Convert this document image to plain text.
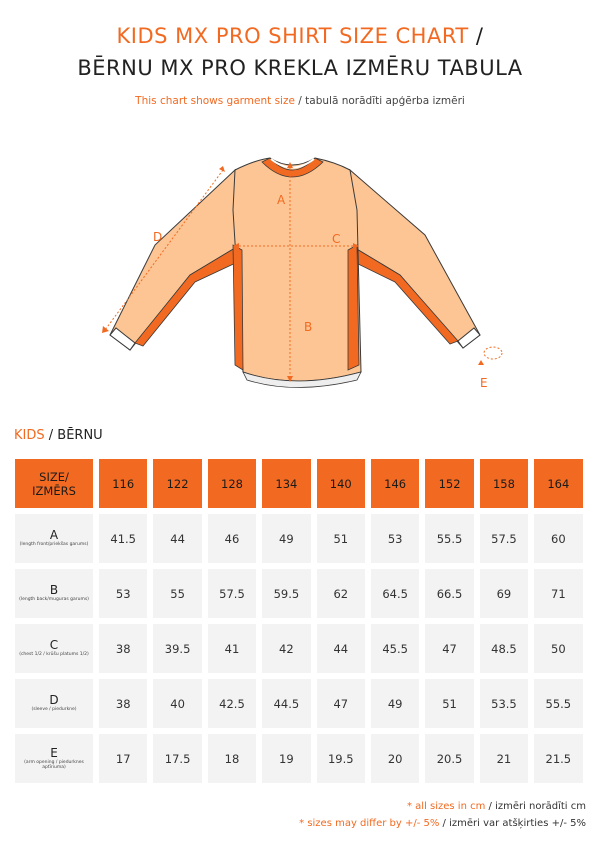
KIDS MX PRO SHIRT SIZE CHART /
BĒRNU MX PRO KREKLA IZMĒRU TABULA
This chart shows garment size / tabulā norādīti apģērba izmēri
A
B
C
D
E
KIDS / BĒRNU
SIZE/
IZMĒRS	116	122	128	134	140	146	152	158	164
A
(length front/priekšas garums)	41.5	44	46	49	51	53	55.5	57.5	60
B
(length back/muguras garums)	53	55	57.5	59.5	62	64.5	66.5	69	71
C
(chest 1/2 / krūšu platums 1/2)	38	39.5	41	42	44	45.5	47	48.5	50
D
(sleeve / piedurkne)	38	40	42.5	44.5	47	49	51	53.5	55.5
E
(arm opening / piedurknes aptīriuma)
17	17.5	18	19	19.5	20	20.5	21	21.5
* all sizes in cm / izmēri norādīti cm
* sizes may differ by +/- 5% / izmēri var atšķirties +/- 5%
